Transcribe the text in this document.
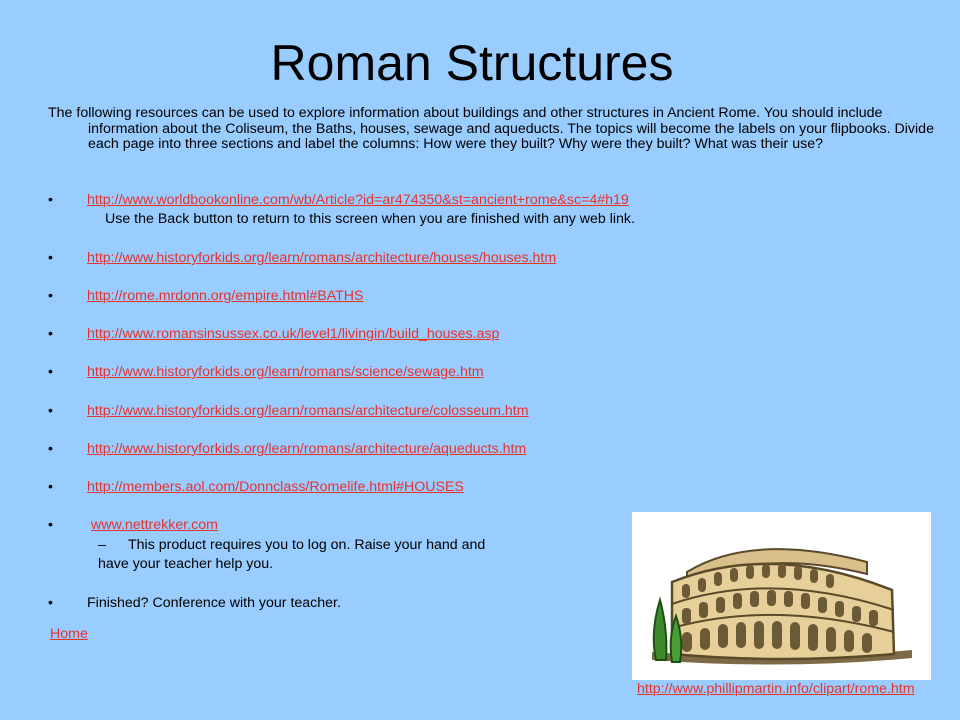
Roman Structures
The following resources can be used to explore information about buildings and other structures in Ancient Rome. You should include information about the Coliseum, the Baths, houses, sewage and aqueducts. The topics will become the labels on your flipbooks. Divide each page into three sections and label the columns: How were they built? Why were they built? What was their use?
• http://www.worldbookonline.com/wb/Article?id=ar474350&st=ancient+rome&sc=4#h19
Use the Back button to return to this screen when you are finished with any web link.
• http://www.historyforkids.org/learn/romans/architecture/houses/houses.htm
• http://rome.mrdonn.org/empire.html#BATHS
• http://www.romansinsussex.co.uk/level1/livingin/build_houses.asp
• http://www.historyforkids.org/learn/romans/science/sewage.htm
• http://www.historyforkids.org/learn/romans/architecture/colosseum.htm
• http://www.historyforkids.org/learn/romans/architecture/aqueducts.htm
• http://members.aol.com/Donnclass/Romelife.html#HOUSES
•	www.nettrekker.com
– This product requires you to log on. Raise your hand and
have your teacher help you.
• Finished? Conference with your teacher.
Home
http://www.phillipmartin.info/clipart/rome.htm
